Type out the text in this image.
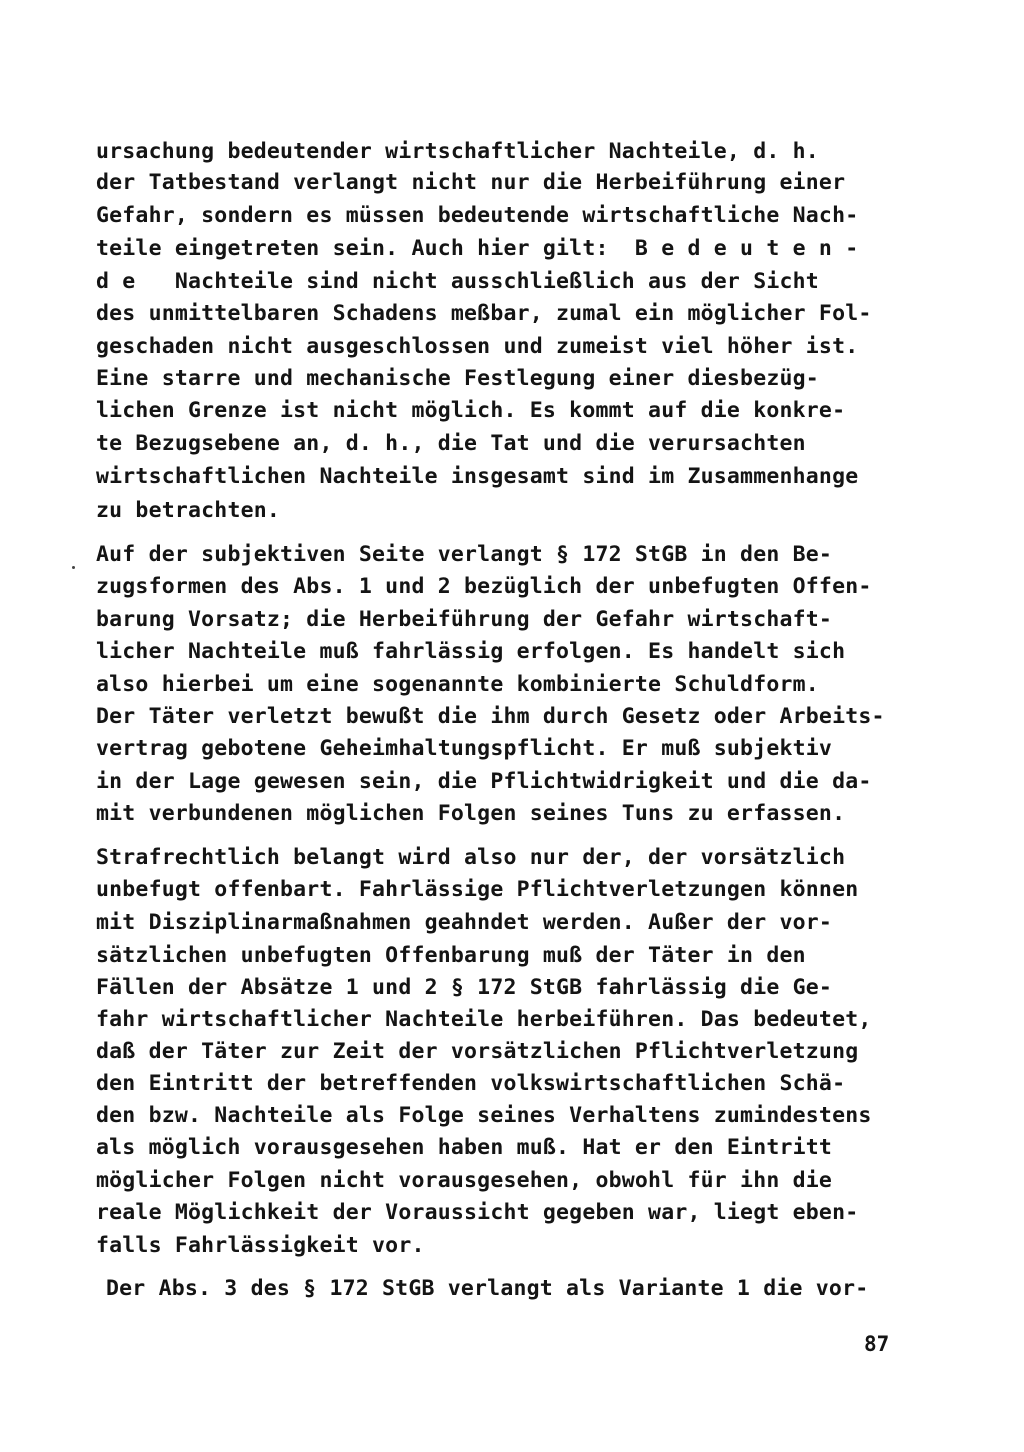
ursachung bedeutender wirtschaftlicher Nachteile, d. h.
der Tatbestand verlangt nicht nur die Herbeiführung einer
Gefahr, sondern es müssen bedeutende wirtschaftliche Nach-
teile eingetreten sein. Auch hier gilt:  B e d e u t e n -
d e   Nachteile sind nicht ausschließlich aus der Sicht
des unmittelbaren Schadens meßbar, zumal ein möglicher Fol-
geschaden nicht ausgeschlossen und zumeist viel höher ist.
Eine starre und mechanische Festlegung einer diesbezüg-
lichen Grenze ist nicht möglich. Es kommt auf die konkre-
te Bezugsebene an, d. h., die Tat und die verursachten
wirtschaftlichen Nachteile insgesamt sind im Zusammenhange
zu betrachten.
Auf der subjektiven Seite verlangt § 172 StGB in den Be-
zugsformen des Abs. 1 und 2 bezüglich der unbefugten Offen-
barung Vorsatz; die Herbeiführung der Gefahr wirtschaft-
licher Nachteile muß fahrlässig erfolgen. Es handelt sich
also hierbei um eine sogenannte kombinierte Schuldform.
Der Täter verletzt bewußt die ihm durch Gesetz oder Arbeits-
vertrag gebotene Geheimhaltungspflicht. Er muß subjektiv
in der Lage gewesen sein, die Pflichtwidrigkeit und die da-
mit verbundenen möglichen Folgen seines Tuns zu erfassen.
Strafrechtlich belangt wird also nur der, der vorsätzlich
unbefugt offenbart. Fahrlässige Pflichtverletzungen können
mit Disziplinarmaßnahmen geahndet werden. Außer der vor-
sätzlichen unbefugten Offenbarung muß der Täter in den
Fällen der Absätze 1 und 2 § 172 StGB fahrlässig die Ge-
fahr wirtschaftlicher Nachteile herbeiführen. Das bedeutet,
daß der Täter zur Zeit der vorsätzlichen Pflichtverletzung
den Eintritt der betreffenden volkswirtschaftlichen Schä-
den bzw. Nachteile als Folge seines Verhaltens zumindestens
als möglich vorausgesehen haben muß. Hat er den Eintritt
möglicher Folgen nicht vorausgesehen, obwohl für ihn die
reale Möglichkeit der Voraussicht gegeben war, liegt eben-
falls Fahrlässigkeit vor.
Der Abs. 3 des § 172 StGB verlangt als Variante 1 die vor-
87
